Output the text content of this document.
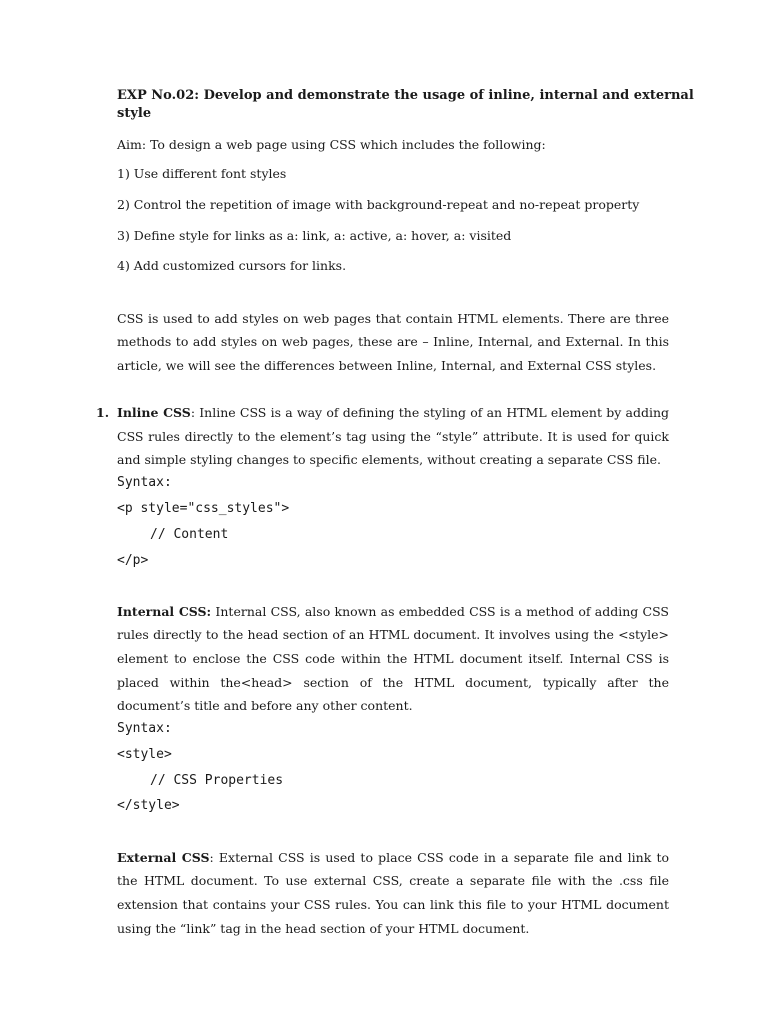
EXP No.02: Develop and demonstrate the usage of inline, internal and external
style
Aim: To design a web page using CSS which includes the following:
1) Use different font styles
2) Control the repetition of image with background-repeat and no-repeat property
3) Define style for links as a: link, a: active, a: hover, a: visited
4) Add customized cursors for links.
CSS is used to add styles on web pages that contain HTML elements. There are three
methods to add styles on web pages, these are – Inline, Internal, and External. In this
article, we will see the differences between Inline, Internal, and External CSS styles.
1. Inline CSS: Inline CSS is a way of defining the styling of an HTML element by adding
CSS rules directly to the element’s tag using the “style” attribute. It is used for quick
and simple styling changes to specific elements, without creating a separate CSS file.
Syntax:
<p style="css_styles">
// Content
</p>
Internal CSS: Internal CSS, also known as embedded CSS is a method of adding CSS
rules directly to the head section of an HTML document. It involves using the <style>
element to enclose the CSS code within the HTML document itself. Internal CSS is
placed within the<head> section of the HTML document, typically after the
document’s title and before any other content.
Syntax:
<style>
// CSS Properties
</style>
External CSS: External CSS is used to place CSS code in a separate file and link to
the HTML document. To use external CSS, create a separate file with the .css file
extension that contains your CSS rules. You can link this file to your HTML document
using the “link” tag in the head section of your HTML document.
